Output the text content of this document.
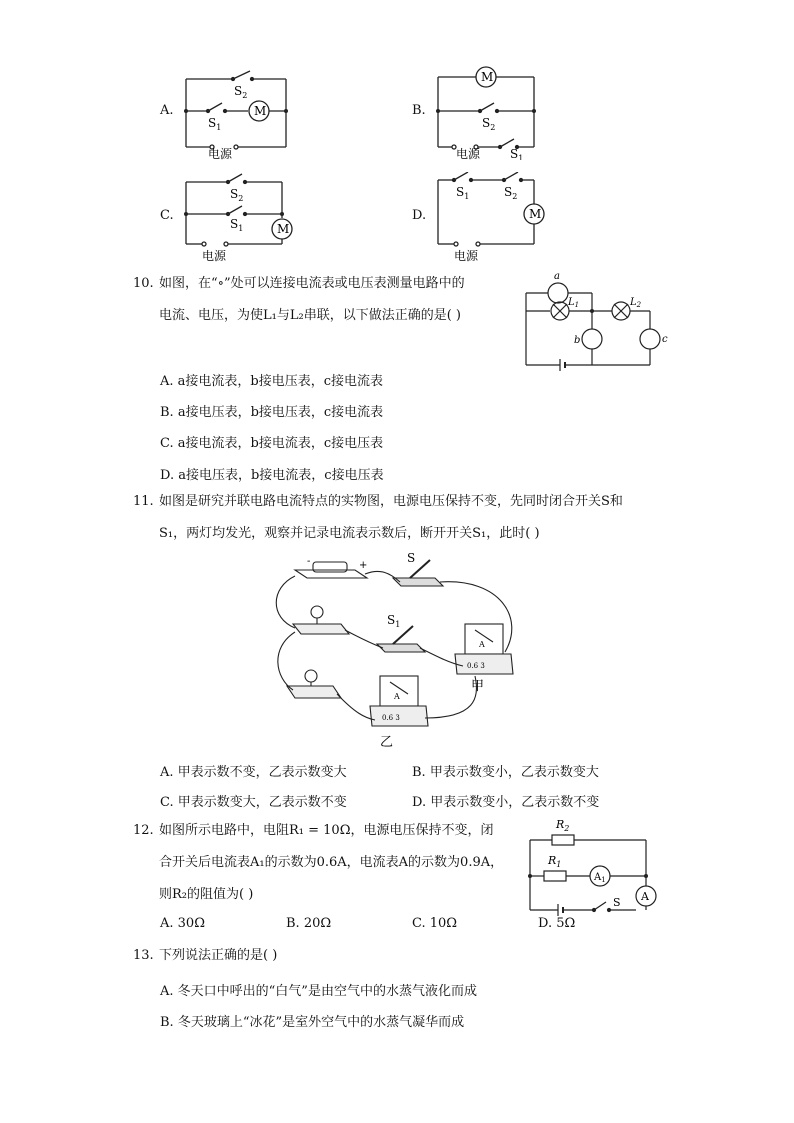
A.	M
$S_2$
$S_1$
电源
B.
M
$S_2$
电源 $S_1$
C.
M
$S_2$
$S_1$
电源
D.	M
$S_1$	$S_2$
电源
10. 如图，在“∘”处可以连接电流表或电压表测量电路中的
电流、电压，为使L₁与L₂串联，以下做法正确的是( )
A. a接电流表，b接电压表，c接电流表
B. a接电压表，b接电压表，c接电流表
C. a接电流表，b接电流表，c接电压表
D. a接电压表，b接电流表，c接电压表
a
$L_1$	$L_2$
b	c
11. 如图是研究并联电路电流特点的实物图，电源电压保持不变，先同时闭合开关S和
S₁，两灯均发光，观察并记录电流表示数后，断开开关S₁，此时( )
S
$S_1$
-	+
A
A
0.6 3
0.6 3
甲
乙
A. 甲表示数不变，乙表示数变大	B. 甲表示数变小，乙表示数变大
C. 甲表示数变大，乙表示数不变	D. 甲表示数变小，乙表示数不变
12. 如图所示电路中，电阻R₁ = 10Ω，电源电压保持不变，闭
合开关后电流表A₁的示数为0.6A，电流表A的示数为0.9A，
则R₂的阻值为( )
A. 30Ω	B. 20Ω	C. 10Ω	D. 5Ω
$R_2$
$R_1$
$A_1$
A
S
13. 下列说法正确的是( )
A. 冬天口中呼出的“白气”是由空气中的水蒸气液化而成
B. 冬天玻璃上“冰花”是室外空气中的水蒸气凝华而成
